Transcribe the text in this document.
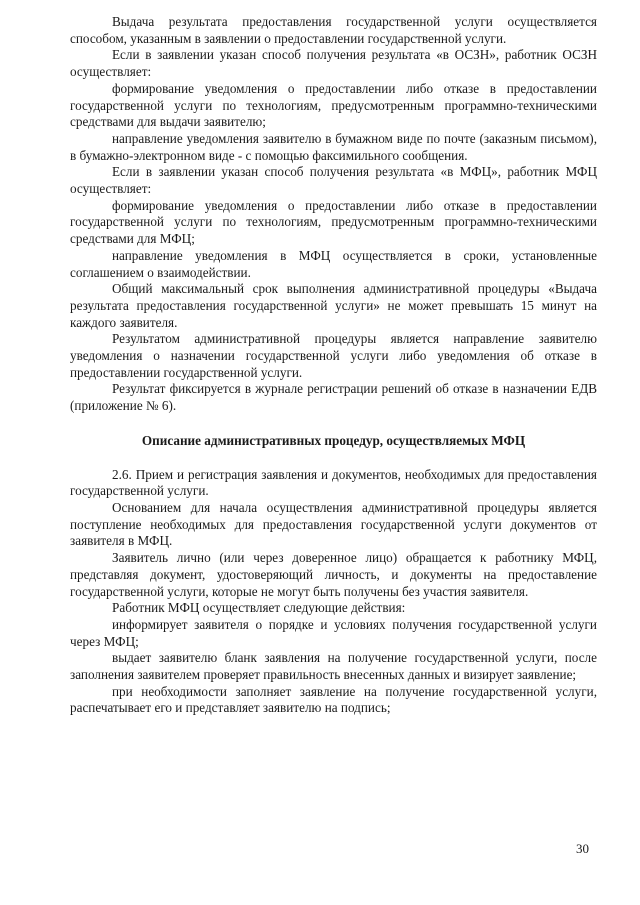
Выдача результата предоставления государственной услуги осуществляется способом, указанным в заявлении о предоставлении государственной услуги.

Если в заявлении указан способ получения результата «в ОСЗН», работник ОСЗН осуществляет:

формирование уведомления о предоставлении либо отказе в предоставлении государственной услуги по технологиям, предусмотренным программно-техническими средствами для выдачи заявителю;

направление уведомления заявителю в бумажном виде по почте (заказным письмом), в бумажно-электронном виде - с помощью факсимильного сообщения.

Если в заявлении указан способ получения результата «в МФЦ», работник МФЦ осуществляет:

формирование уведомления о предоставлении либо отказе в предоставлении государственной услуги по технологиям, предусмотренным программно-техническими средствами для МФЦ;

направление уведомления в МФЦ осуществляется в сроки, установленные соглашением о взаимодействии.

Общий максимальный срок выполнения административной процедуры «Выдача результата предоставления государственной услуги» не может превышать 15 минут на каждого заявителя.

Результатом административной процедуры является направление заявителю уведомления о назначении государственной услуги либо уведомления об отказе в предоставлении государственной услуги.

Результат фиксируется в журнале регистрации решений об отказе в назначении ЕДВ (приложение № 6).

Описание административных процедур, осуществляемых МФЦ

2.6. Прием и регистрация заявления и документов, необходимых для предоставления государственной услуги.

Основанием для начала осуществления административной процедуры является поступление необходимых для предоставления государственной услуги документов от заявителя в МФЦ.

Заявитель лично (или через доверенное лицо) обращается к работнику МФЦ, представляя документ, удостоверяющий личность, и документы на предоставление государственной услуги, которые не могут быть получены без участия заявителя.

Работник МФЦ осуществляет следующие действия:

информирует заявителя о порядке и условиях получения государственной услуги через МФЦ;

выдает заявителю бланк заявления на получение государственной услуги, после заполнения заявителем проверяет правильность внесенных данных и визирует заявление;

при необходимости заполняет заявление на получение государственной услуги, распечатывает его и представляет заявителю на подпись;

30
